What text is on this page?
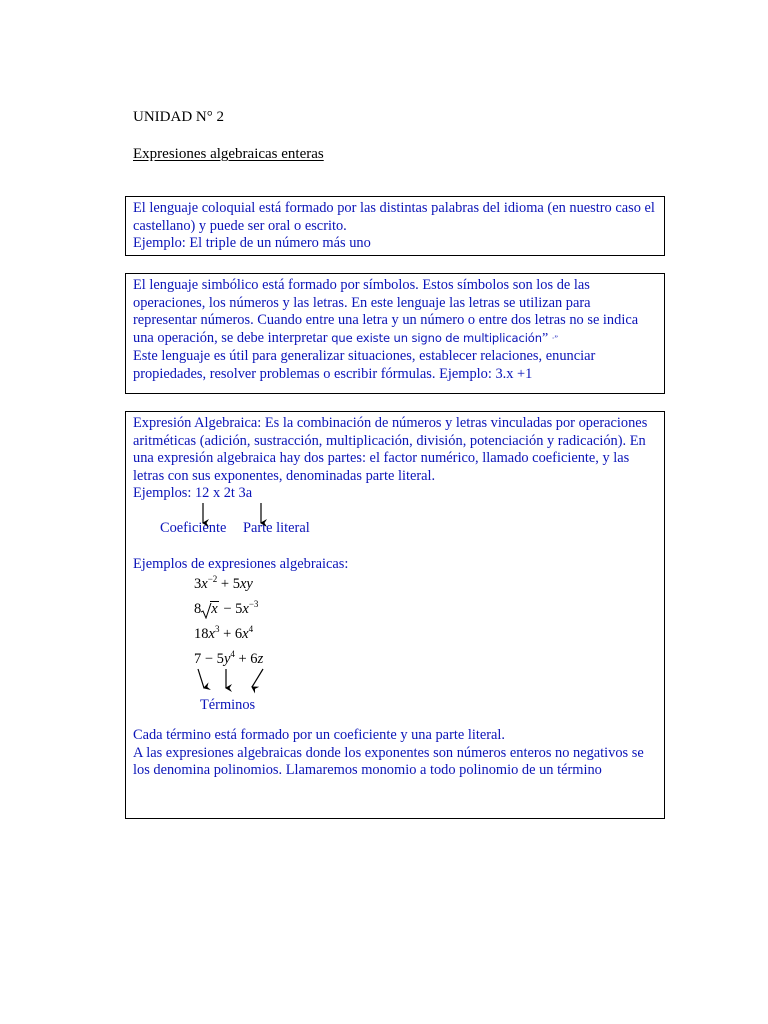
UNIDAD N° 2
Expresiones algebraicas enteras
El lenguaje coloquial está formado por las distintas palabras del idioma (en nuestro caso el castellano) y puede ser oral o escrito.
Ejemplo: El triple de un número más uno
El lenguaje simbólico está formado por símbolos. Estos símbolos son los de las operaciones, los números y las letras. En este lenguaje las letras se utilizan para representar números. Cuando entre una letra y un número o entre dos letras no se indica una operación, se debe interpretar que existe un signo de multiplicación” ·”
Este lenguaje es útil para generalizar situaciones, establecer relaciones, enunciar propiedades, resolver problemas o escribir fórmulas. Ejemplo: 3.x +1
Expresión Algebraica: Es la combinación de números y letras vinculadas por operaciones aritméticas (adición, sustracción, multiplicación, división, potenciación y radicación). En una expresión algebraica hay dos partes: el factor numérico, llamado coeficiente, y las letras con sus exponentes, denominadas parte literal.
Ejemplos: 12 x 2t 3a
Coeficiente Parte literal
Ejemplos de expresiones algebraicas:
$3x^{-2} + 5xy$
8 $x - 5x^{-3}$
$18x^3 + 6x^4$
$7 - 5y^4 + 6z$
Términos
Cada término está formado por un coeficiente y una parte literal.
A las expresiones algebraicas donde los exponentes son números enteros no negativos se los denomina polinomios. Llamaremos monomio a todo polinomio de un término
